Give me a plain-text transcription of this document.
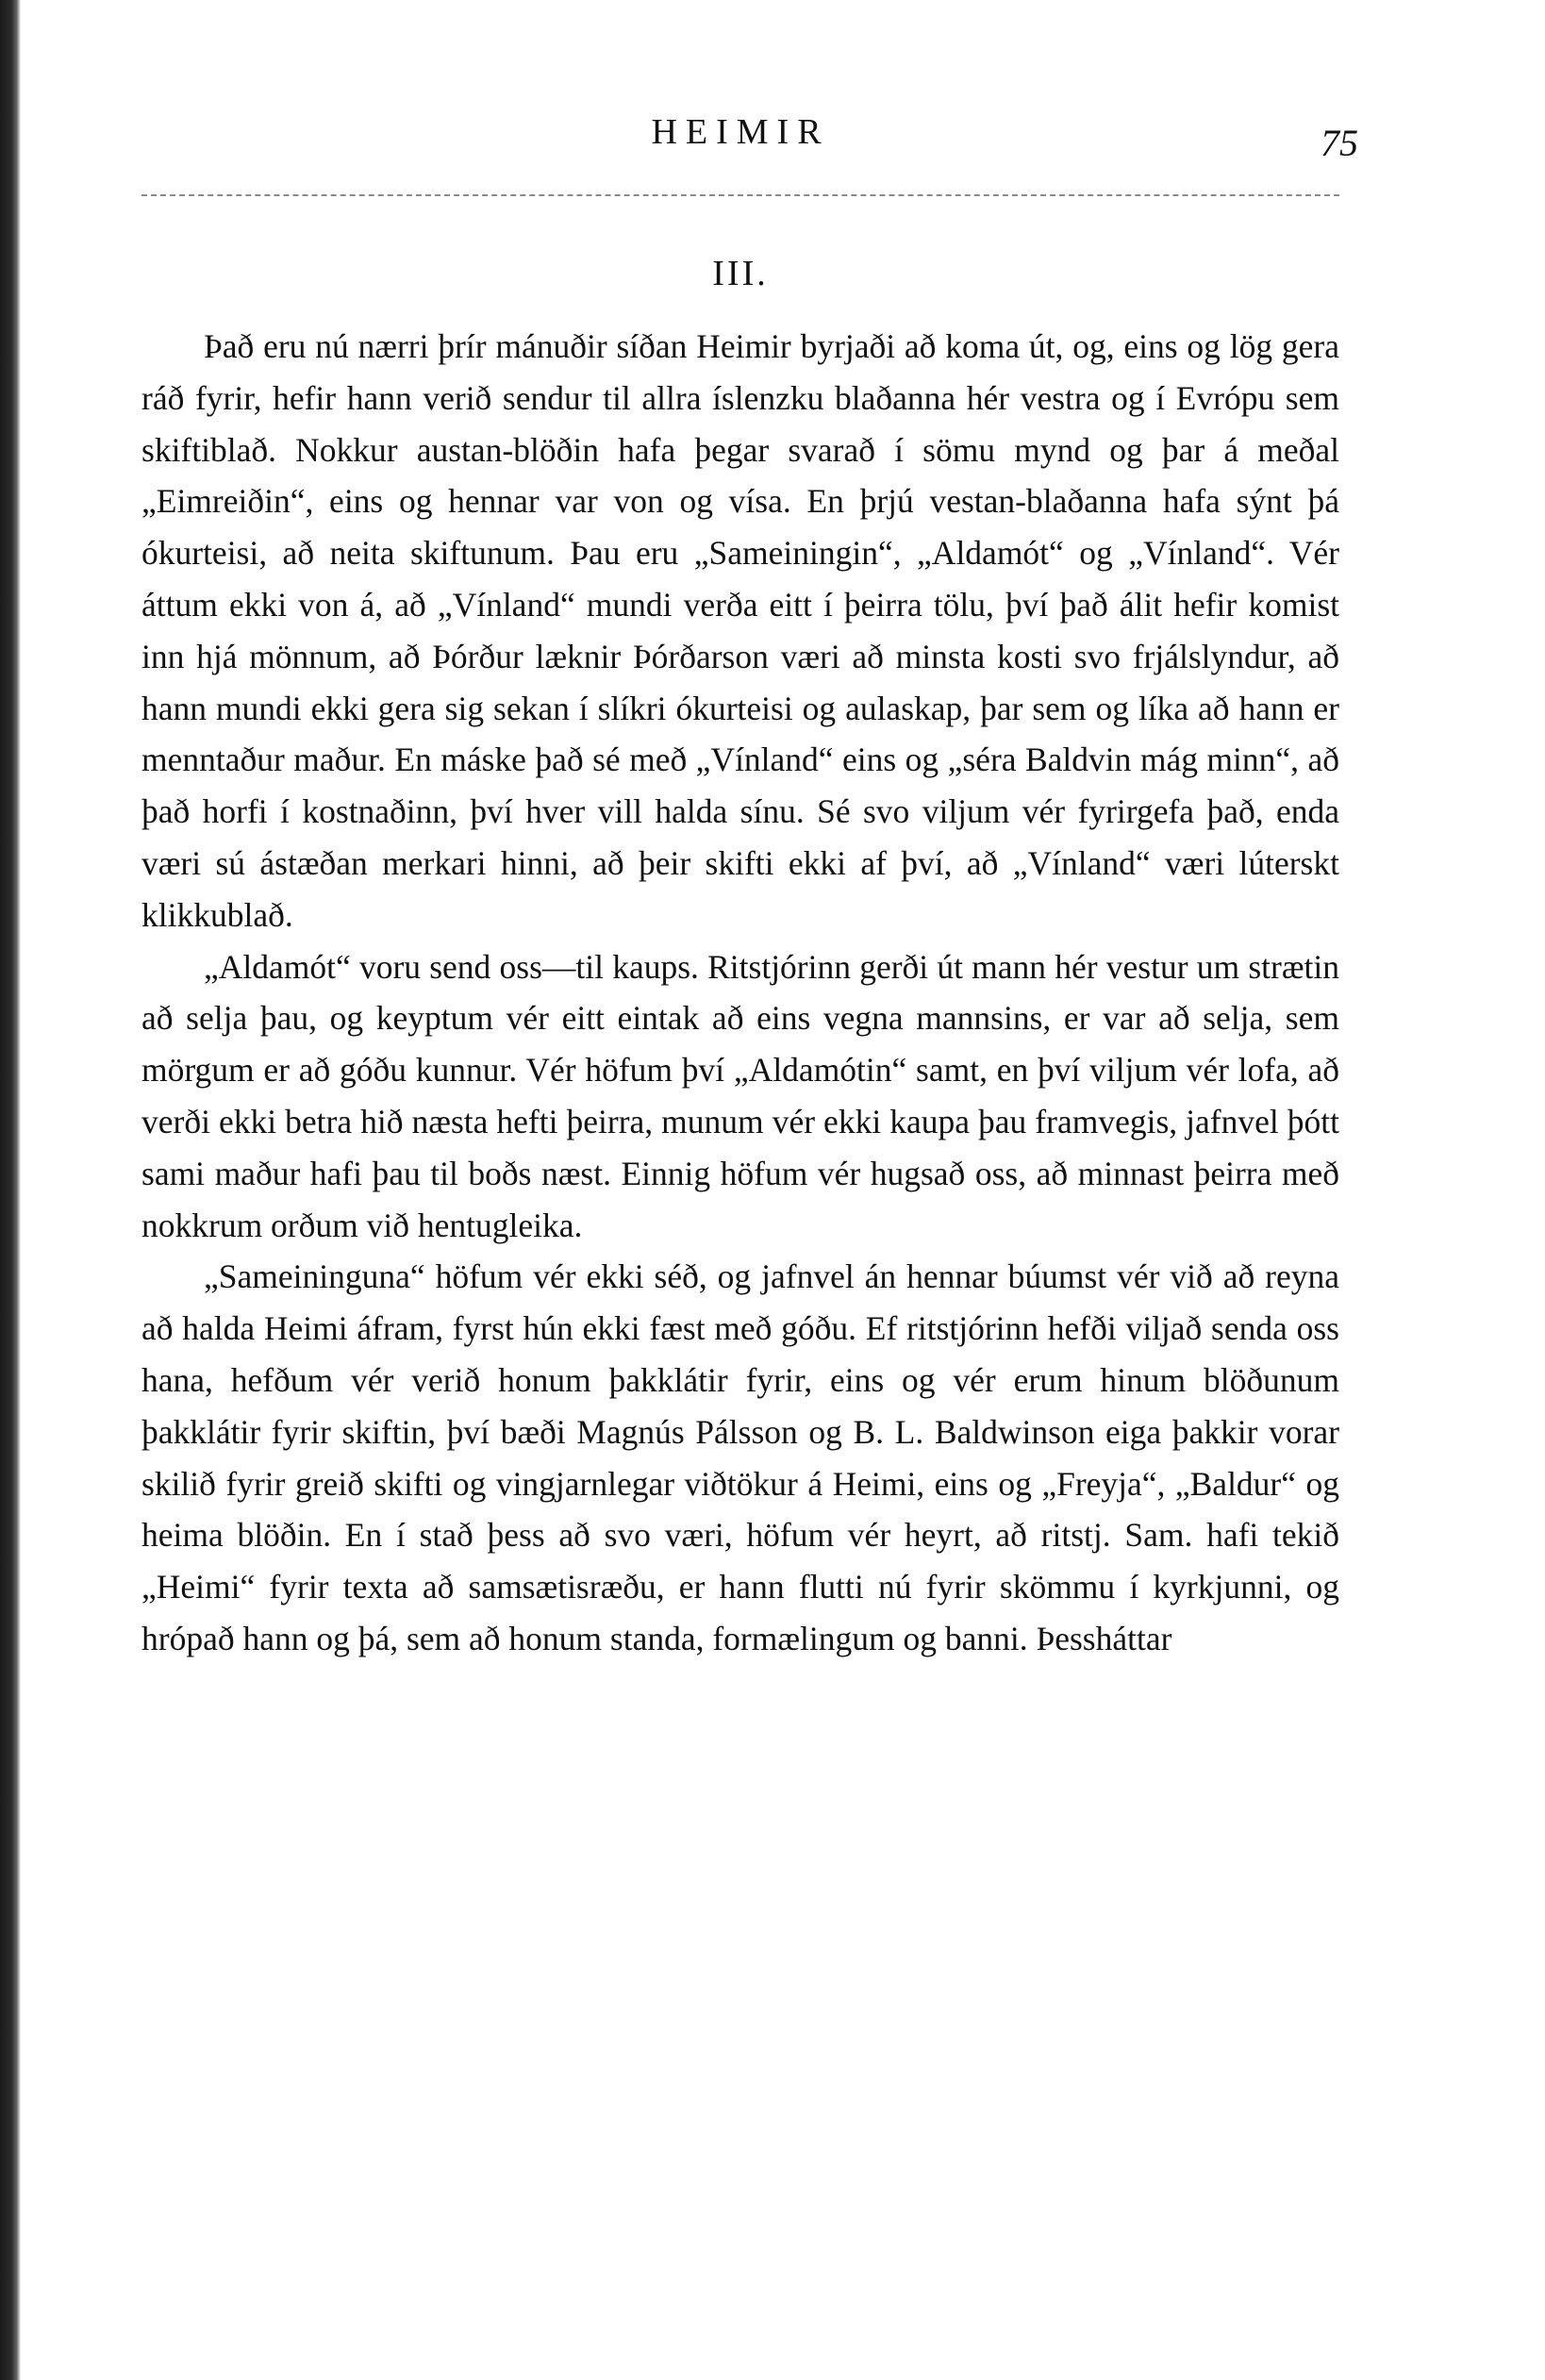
HEIMIR	75
III.

Það eru nú nærri þrír mánuðir síðan Heimir byrjaði að koma út, og, eins og lög gera ráð fyrir, hefir hann verið sendur til allra íslenzku blaðanna hér vestra og í Evrópu sem skiftiblað. Nokkur austan-blöðin hafa þegar svarað í sömu mynd og þar á meðal „Eimreiðin“, eins og hennar var von og vísa. En þrjú vestan-blaðanna hafa sýnt þá ókurteisi, að neita skiftunum. Þau eru „Sameiningin“, „Aldamót“ og „Vínland“. Vér áttum ekki von á, að „Vínland“ mundi verða eitt í þeirra tölu, því það álit hefir komist inn hjá mönnum, að Þórður læknir Þórðarson væri að minsta kosti svo frjálslyndur, að hann mundi ekki gera sig sekan í slíkri ókurteisi og aulaskap, þar sem og líka að hann er menntaður maður. En máske það sé með „Vínland“ eins og „séra Baldvin mág minn“, að það horfi í kostnaðinn, því hver vill halda sínu. Sé svo viljum vér fyrirgefa það, enda væri sú ástæðan merkari hinni, að þeir skifti ekki af því, að „Vínland“ væri lúterskt klikkublað.

„Aldamót“ voru send oss—til kaups. Ritstjórinn gerði út mann hér vestur um strætin að selja þau, og keyptum vér eitt eintak að eins vegna mannsins, er var að selja, sem mörgum er að góðu kunnur. Vér höfum því „Aldamótin“ samt, en því viljum vér lofa, að verði ekki betra hið næsta hefti þeirra, munum vér ekki kaupa þau framvegis, jafnvel þótt sami maður hafi þau til boðs næst. Einnig höfum vér hugsað oss, að minnast þeirra með nokkrum orðum við hentugleika.

„Sameininguna“ höfum vér ekki séð, og jafnvel án hennar búumst vér við að reyna að halda Heimi áfram, fyrst hún ekki fæst með góðu. Ef ritstjórinn hefði viljað senda oss hana, hefðum vér verið honum þakklátir fyrir, eins og vér erum hinum blöðunum þakklátir fyrir skiftin, því bæði Magnús Pálsson og B. L. Baldwinson eiga þakkir vorar skilið fyrir greið skifti og vingjarnlegar viðtökur á Heimi, eins og „Freyja“, „Baldur“ og heima blöðin. En í stað þess að svo væri, höfum vér heyrt, að ritstj. Sam. hafi tekið „Heimi“ fyrir texta að samsætisræðu, er hann flutti nú fyrir skömmu í kyrkjunni, og hrópað hann og þá, sem að honum standa, formælingum og banni. Þessháttar
